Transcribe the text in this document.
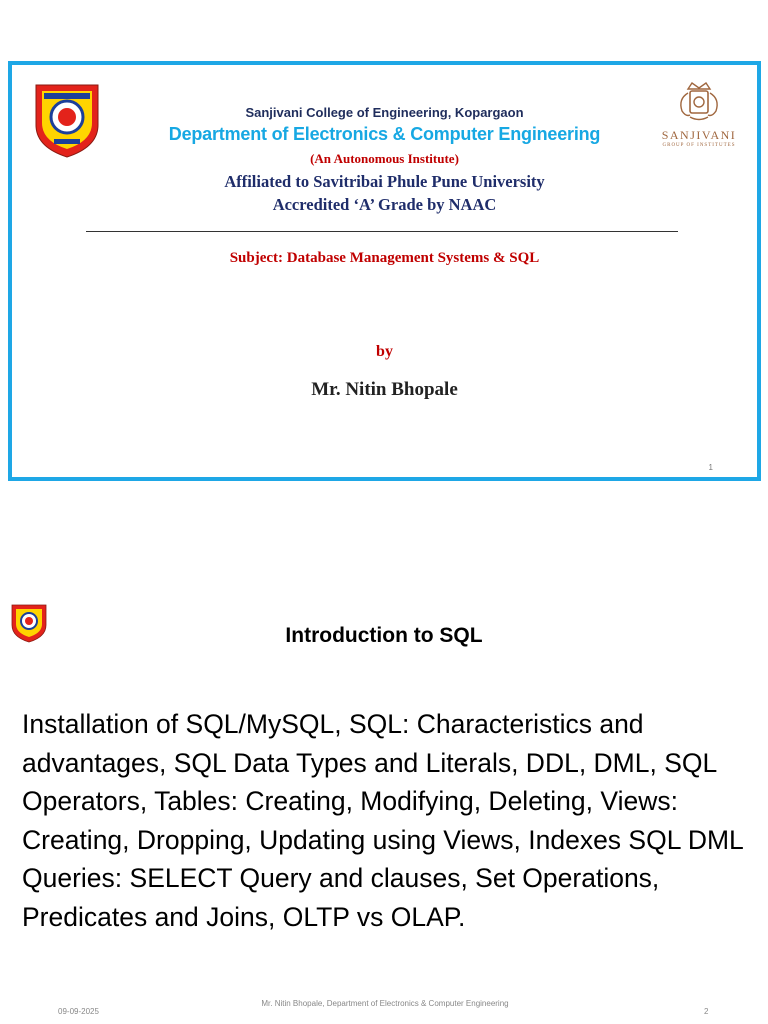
Sanjivani College of Engineering, Kopargaon
Department of Electronics & Computer Engineering
(An Autonomous Institute)
Affiliated to Savitribai Phule Pune University
Accredited ‘A’ Grade by NAAC
Subject: Database Management Systems & SQL
by
Mr. Nitin Bhopale
1
SANJIVANI
GROUP OF INSTITUTES
Introduction to SQL
Installation of SQL/MySQL, SQL: Characteristics and advantages, SQL Data Types and Literals, DDL, DML, SQL Operators, Tables: Creating, Modifying, Deleting, Views: Creating, Dropping, Updating using Views, Indexes SQL DML Queries: SELECT Query and clauses, Set Operations, Predicates and Joins, OLTP vs OLAP.
09-09-2025
Mr. Nitin Bhopale, Department of Electronics & Computer Engineering
2
